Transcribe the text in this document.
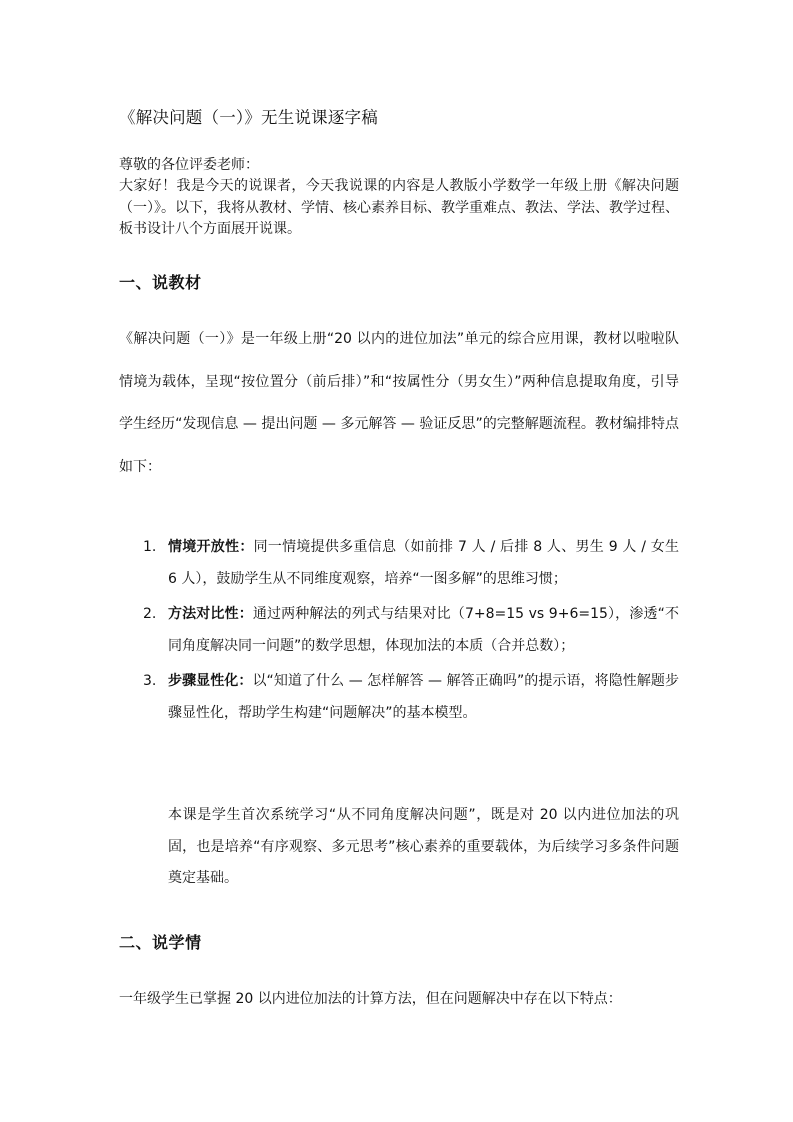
《解决问题（一）》无生说课逐字稿
尊敬的各位评委老师：
大家好！我是今天的说课者，今天我说课的内容是人教版小学数学一年级上册《解决问题（一）》。以下，我将从教材、学情、核心素养目标、教学重难点、教法、学法、教学过程、板书设计八个方面展开说课。
一、说教材
《解决问题（一）》是一年级上册“20 以内的进位加法”单元的综合应用课，教材以啦啦队情境为载体，呈现“按位置分（前后排）”和“按属性分（男女生）”两种信息提取角度，引导学生经历“发现信息 — 提出问题 — 多元解答 — 验证反思”的完整解题流程。教材编排特点如下：
1. 情境开放性：同一情境提供多重信息（如前排 7 人 / 后排 8 人、男生 9 人 / 女生 6 人），鼓励学生从不同维度观察，培养“一图多解”的思维习惯；
2. 方法对比性：通过两种解法的列式与结果对比（7+8=15 vs 9+6=15），渗透“不同角度解决同一问题”的数学思想，体现加法的本质（合并总数）；
3. 步骤显性化：以“知道了什么 — 怎样解答 — 解答正确吗”的提示语，将隐性解题步骤显性化，帮助学生构建“问题解决”的基本模型。
本课是学生首次系统学习“从不同角度解决问题”，既是对 20 以内进位加法的巩固，也是培养“有序观察、多元思考”核心素养的重要载体，为后续学习多条件问题奠定基础。
二、说学情
一年级学生已掌握 20 以内进位加法的计算方法，但在问题解决中存在以下特点：
